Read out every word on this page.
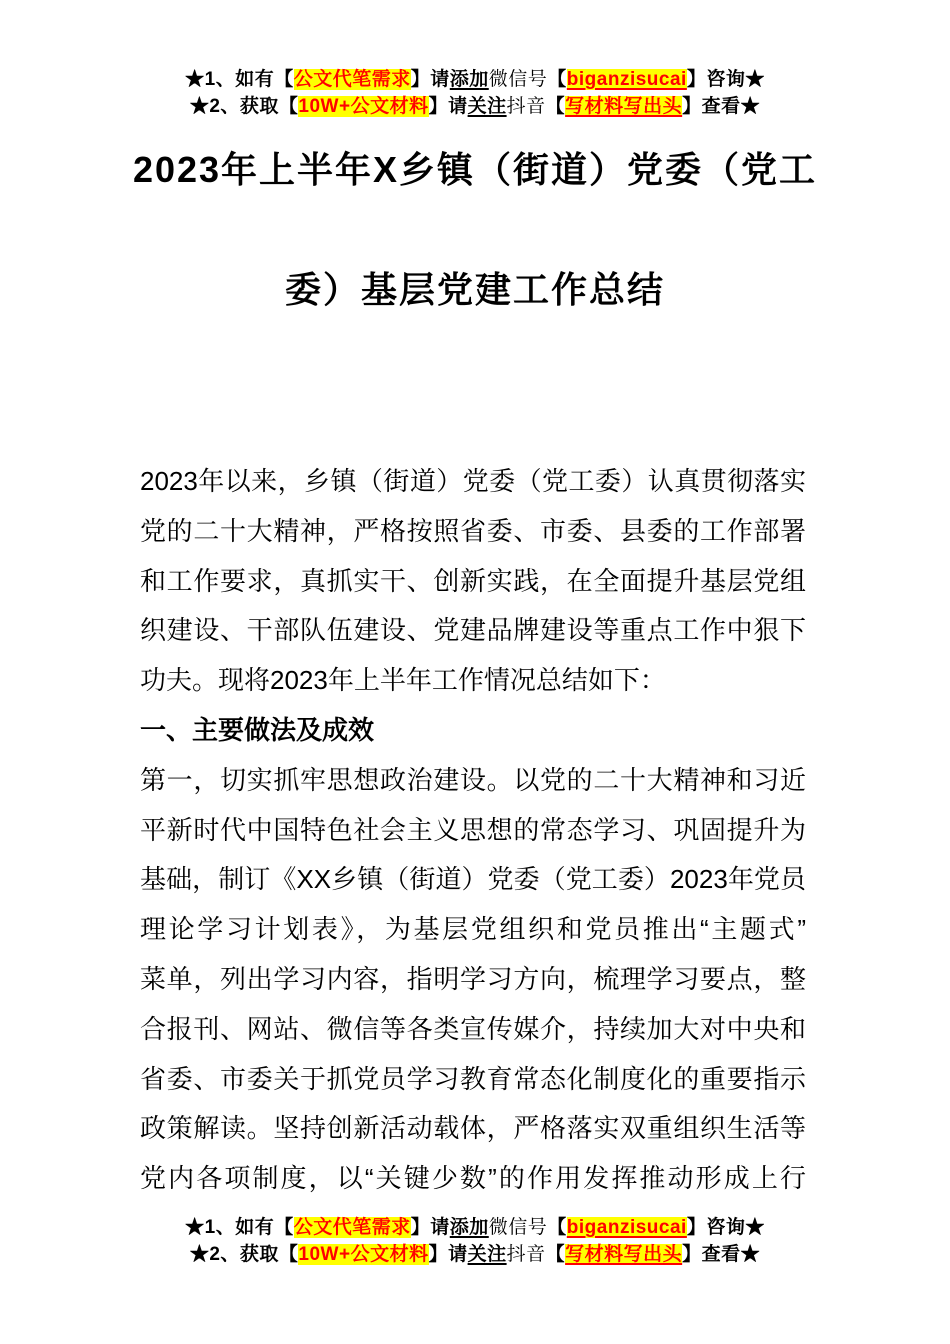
★1、如有【公文代笔需求】请添加微信号【biganzisucai】咨询★
★2、获取【10W+公文材料】请关注抖音【写材料写出头】查看★
2023年上半年X乡镇（街道）党委（党工
委）基层党建工作总结
2023年以来，乡镇（街道）党委（党工委）认真贯彻落实
党的二十大精神，严格按照省委、市委、县委的工作部署
和工作要求，真抓实干、创新实践，在全面提升基层党组
织建设、干部队伍建设、党建品牌建设等重点工作中狠下
功夫。现将2023年上半年工作情况总结如下：
一、主要做法及成效
第一，切实抓牢思想政治建设。以党的二十大精神和习近
平新时代中国特色社会主义思想的常态学习、巩固提升为
基础，制订《XX乡镇（街道）党委（党工委）2023年党员
理论学习计划表》，为基层党组织和党员推出“主题式”
菜单，列出学习内容，指明学习方向，梳理学习要点，整
合报刊、网站、微信等各类宣传媒介，持续加大对中央和
省委、市委关于抓党员学习教育常态化制度化的重要指示
政策解读。坚持创新活动载体，严格落实双重组织生活等
党内各项制度，以“关键少数”的作用发挥推动形成上行
★1、如有【公文代笔需求】请添加微信号【biganzisucai】咨询★
★2、获取【10W+公文材料】请关注抖音【写材料写出头】查看★
